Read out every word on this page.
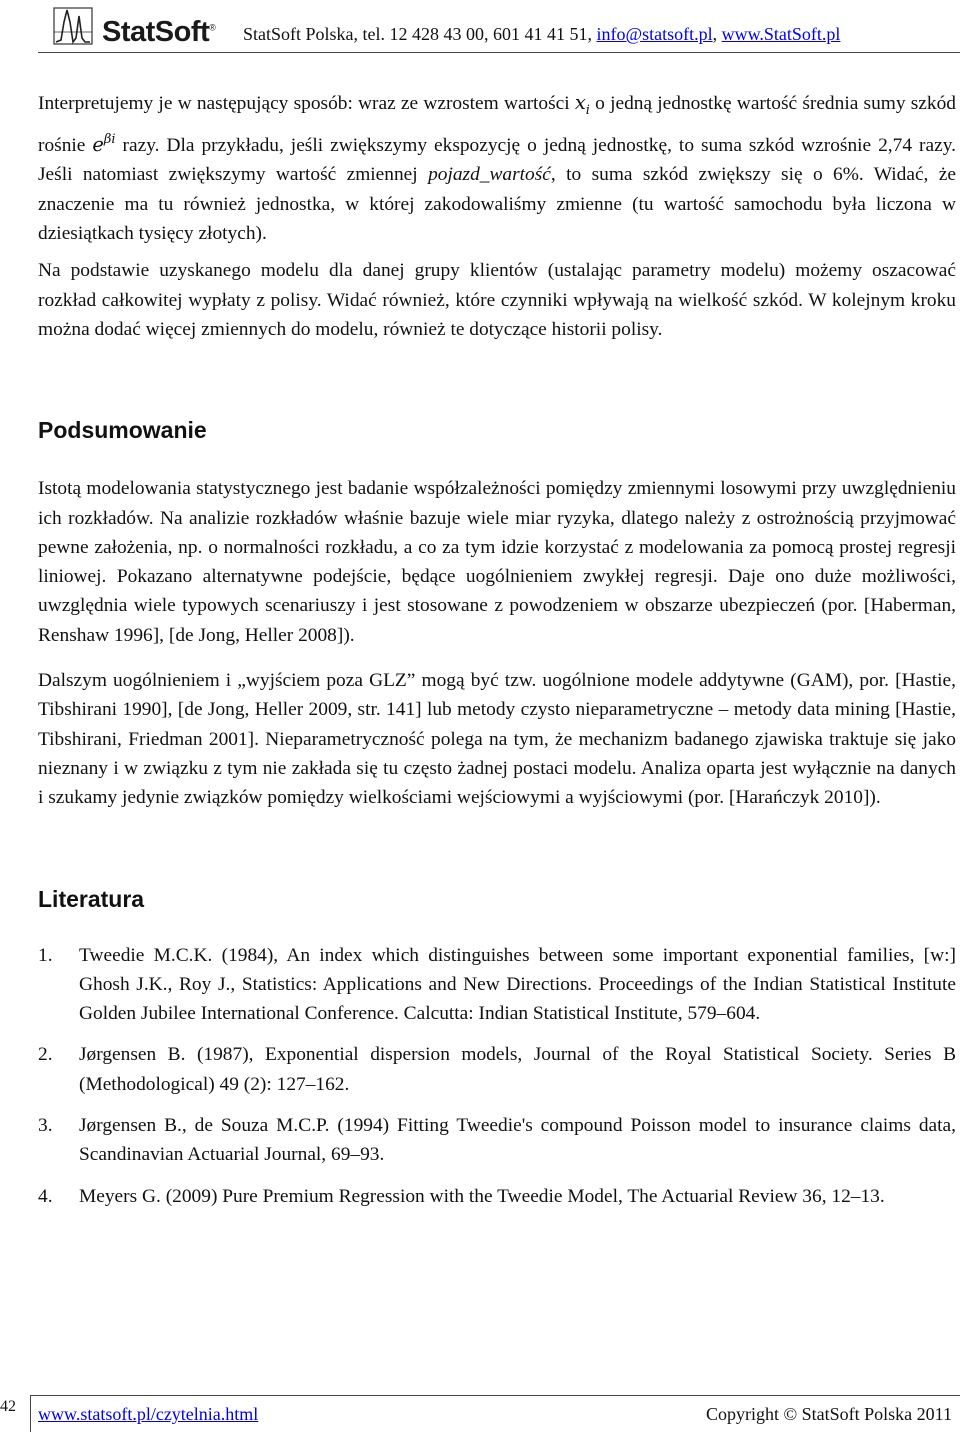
StatSoft® StatSoft Polska, tel. 12 428 43 00, 601 41 41 51, info@statsoft.pl, www.StatSoft.pl

Interpretujemy je w następujący sposób: wraz ze wzrostem wartości $x_i$ o jedną jednostkę wartość średnia sumy szkód rośnie $e^{\beta i}$ razy. Dla przykładu, jeśli zwiększymy ekspozycję o jedną jednostkę, to suma szkód wzrośnie 2,74 razy. Jeśli natomiast zwiększymy wartość zmiennej pojazd_wartość, to suma szkód zwiększy się o 6%. Widać, że znaczenie ma tu również jednostka, w której zakodowaliśmy zmienne (tu wartość samochodu była liczona w dziesiątkach tysięcy złotych).

Na podstawie uzyskanego modelu dla danej grupy klientów (ustalając parametry modelu) możemy oszacować rozkład całkowitej wypłaty z polisy. Widać również, które czynniki wpływają na wielkość szkód. W kolejnym kroku można dodać więcej zmiennych do modelu, również te dotyczące historii polisy.

Podsumowanie

Istotą modelowania statystycznego jest badanie współzależności pomiędzy zmiennymi losowymi przy uwzględnieniu ich rozkładów. Na analizie rozkładów właśnie bazuje wiele miar ryzyka, dlatego należy z ostrożnością przyjmować pewne założenia, np. o normalności rozkładu, a co za tym idzie korzystać z modelowania za pomocą prostej regresji liniowej. Pokazano alternatywne podejście, będące uogólnieniem zwykłej regresji. Daje ono duże możliwości, uwzględnia wiele typowych scenariuszy i jest stosowane z powodzeniem w obszarze ubezpieczeń (por. [Haberman, Renshaw 1996], [de Jong, Heller 2008]).

Dalszym uogólnieniem i „wyjściem poza GLZ” mogą być tzw. uogólnione modele addytywne (GAM), por. [Hastie, Tibshirani 1990], [de Jong, Heller 2009, str. 141] lub metody czysto nieparametryczne – metody data mining [Hastie, Tibshirani, Friedman 2001]. Nieparametryczność polega na tym, że mechanizm badanego zjawiska traktuje się jako nieznany i w związku z tym nie zakłada się tu często żadnej postaci modelu. Analiza oparta jest wyłącznie na danych i szukamy jedynie związków pomiędzy wielkościami wejściowymi a wyjściowymi (por. [Harańczyk 2010]).

Literatura
1. Tweedie M.C.K. (1984), An index which distinguishes between some important exponential families, [w:] Ghosh J.K., Roy J., Statistics: Applications and New Directions. Proceedings of the Indian Statistical Institute Golden Jubilee International Conference. Calcutta: Indian Statistical Institute, 579–604.
2. Jørgensen B. (1987), Exponential dispersion models, Journal of the Royal Statistical Society. Series B (Methodological) 49 (2): 127–162.
3. Jørgensen B., de Souza M.C.P. (1994) Fitting Tweedie's compound Poisson model to insurance claims data, Scandinavian Actuarial Journal, 69–93.
4. Meyers G. (2009) Pure Premium Regression with the Tweedie Model, The Actuarial Review 36, 12–13.
42 www.statsoft.pl/czytelnia.html	Copyright © StatSoft Polska 2011
